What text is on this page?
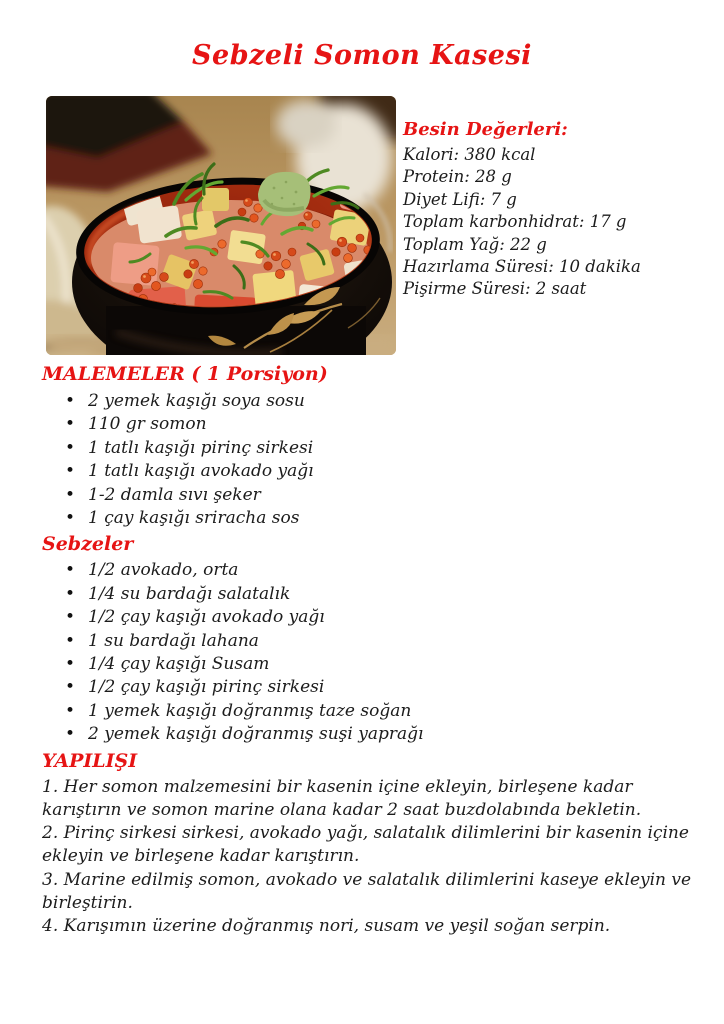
Sebzeli Somon Kasesi
Besin Değerleri:

Kalori: 380 kcal

Protein: 28 g

Diyet Lifi: 7 g

Toplam karbonhidrat: 17 g

Toplam Yağ: 22 g

Hazırlama Süresi: 10 dakika

Pişirme Süresi: 2 saat

MALEMELER ( 1 Porsiyon)
• 2 yemek kaşığı soya sosu
• 110 gr somon
• 1 tatlı kaşığı pirinç sirkesi
• 1 tatlı kaşığı avokado yağı
• 1-2 damla sıvı şeker
• 1 çay kaşığı sriracha sos
Sebzeler
• 1/2 avokado, orta
• 1/4 su bardağı salatalık
• 1/2 çay kaşığı avokado yağı
• 1 su bardağı lahana
• 1/4 çay kaşığı Susam
• 1/2 çay kaşığı pirinç sirkesi
• 1 yemek kaşığı doğranmış taze soğan
• 2 yemek kaşığı doğranmış suşi yaprağı
YAPILIŞI

1. Her somon malzemesini bir kasenin içine ekleyin, birleşene kadar karıştırın ve somon marine olana kadar 2 saat buzdolabında bekletin.

2. Pirinç sirkesi sirkesi, avokado yağı, salatalık dilimlerini bir kasenin içine ekleyin ve birleşene kadar karıştırın.

3. Marine edilmiş somon, avokado ve salatalık dilimlerini kaseye ekleyin ve birleştirin.

4. Karışımın üzerine doğranmış nori, susam ve yeşil soğan serpin.
